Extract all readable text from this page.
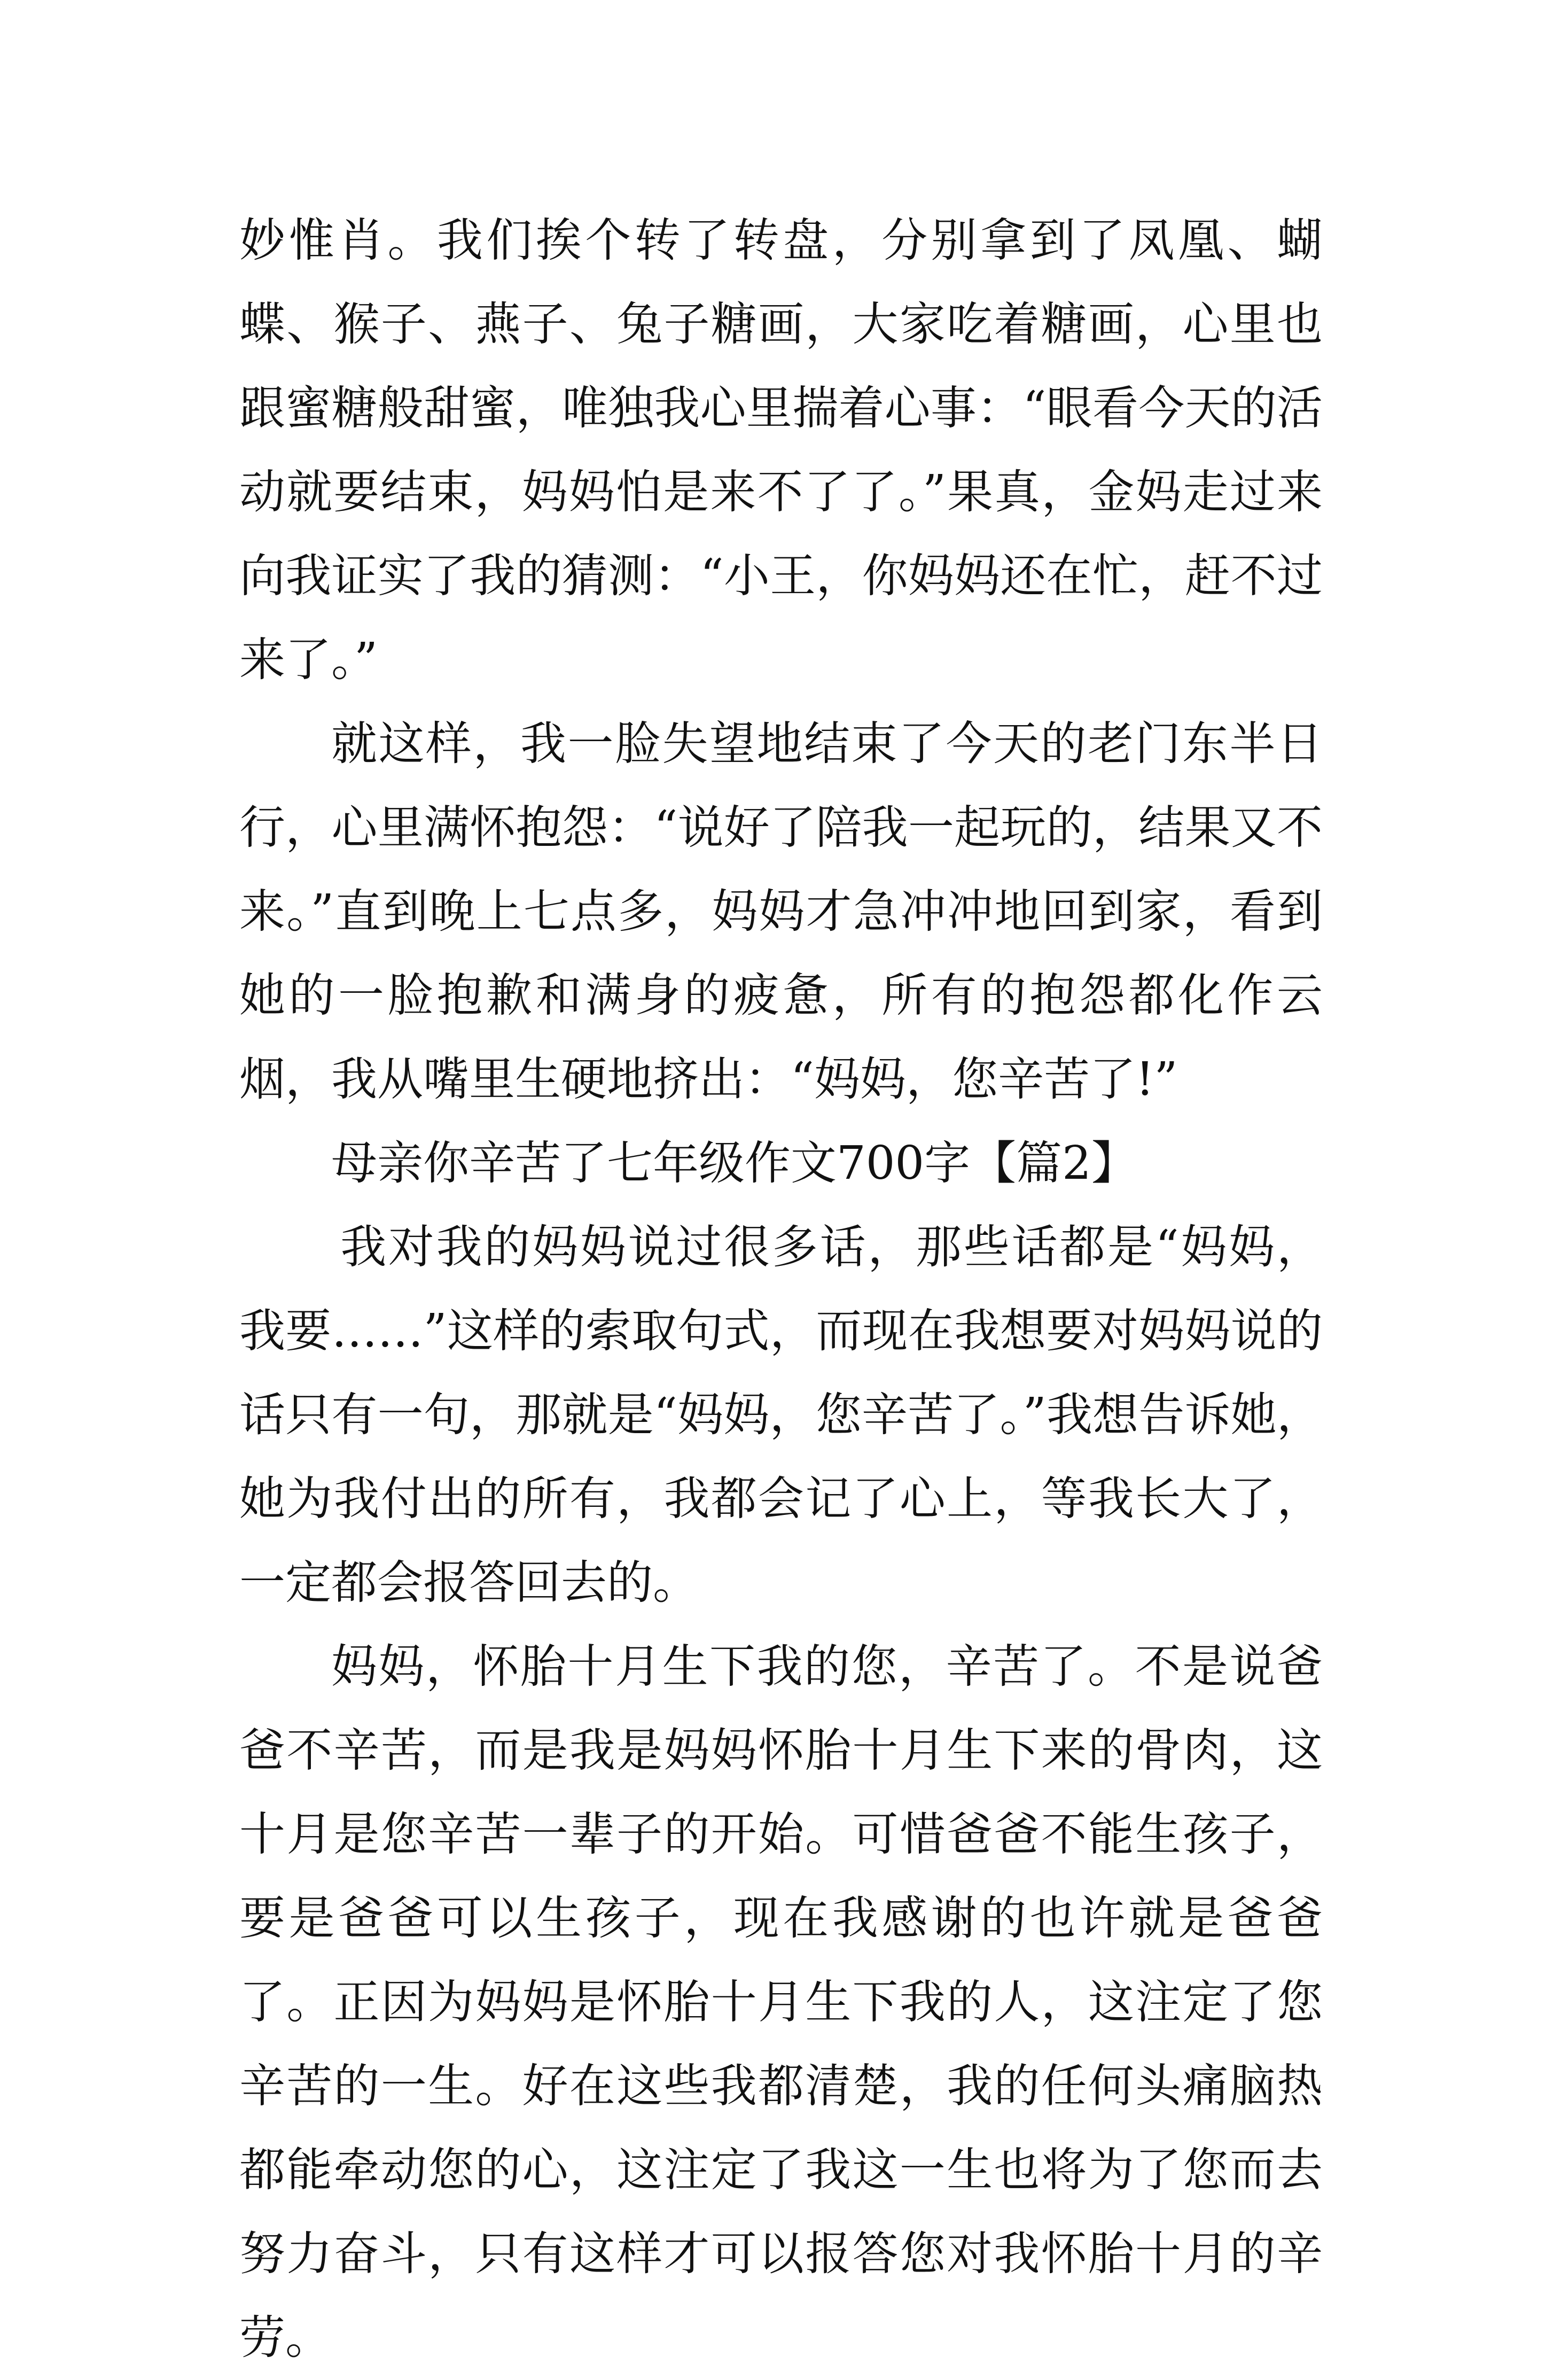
妙惟肖。我们挨个转了转盘，分别拿到了凤凰、蝴蝶、猴子、燕子、兔子糖画，大家吃着糖画，心里也跟蜜糖般甜蜜，唯独我心里揣着心事：“眼看今天的活动就要结束，妈妈怕是来不了了。”果真，金妈走过来向我证实了我的猜测：“小王，你妈妈还在忙，赶不过来了。”

就这样，我一脸失望地结束了今天的老门东半日行，心里满怀抱怨：“说好了陪我一起玩的，结果又不来。”直到晚上七点多，妈妈才急冲冲地回到家，看到她的一脸抱歉和满身的疲惫，所有的抱怨都化作云烟，我从嘴里生硬地挤出：“妈妈，您辛苦了!”

母亲你辛苦了七年级作文700字【篇2】

我对我的妈妈说过很多话，那些话都是“妈妈，我要……”这样的索取句式，而现在我想要对妈妈说的话只有一句，那就是“妈妈，您辛苦了。”我想告诉她，她为我付出的所有，我都会记了心上，等我长大了，一定都会报答回去的。

妈妈，怀胎十月生下我的您，辛苦了。不是说爸爸不辛苦，而是我是妈妈怀胎十月生下来的骨肉，这十月是您辛苦一辈子的开始。可惜爸爸不能生孩子，要是爸爸可以生孩子，现在我感谢的也许就是爸爸了。正因为妈妈是怀胎十月生下我的人，这注定了您辛苦的一生。好在这些我都清楚，我的任何头痛脑热都能牵动您的心，这注定了我这一生也将为了您而去努力奋斗，只有这样才可以报答您对我怀胎十月的辛劳。
